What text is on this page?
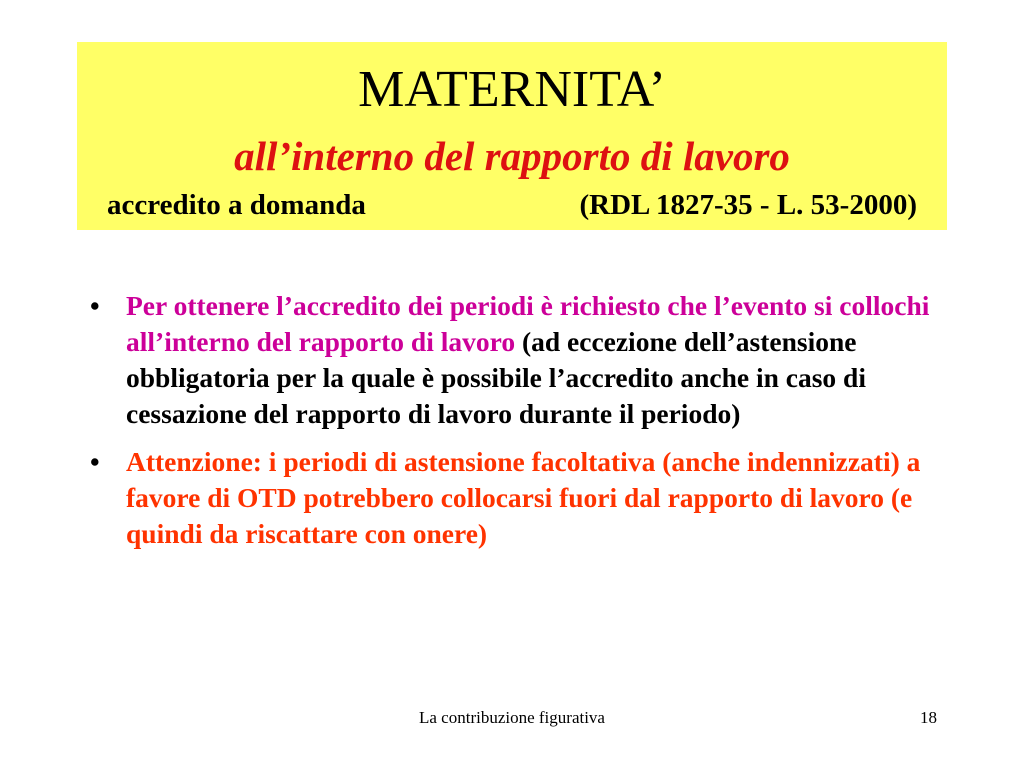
MATERNITA’
all’interno del rapporto di lavoro
accredito a domanda	(RDL 1827-35 - L. 53-2000)
• Per ottenere l’accredito dei periodi è richiesto che l’evento si collochi all’interno del rapporto di lavoro (ad eccezione dell’astensione obbligatoria per la quale è possibile l’accredito anche in caso di cessazione del rapporto di lavoro durante il periodo)
• Attenzione: i periodi di astensione facoltativa (anche indennizzati) a favore di OTD potrebbero collocarsi fuori dal rapporto di lavoro (e quindi da riscattare con onere)
La contribuzione figurativa	18
